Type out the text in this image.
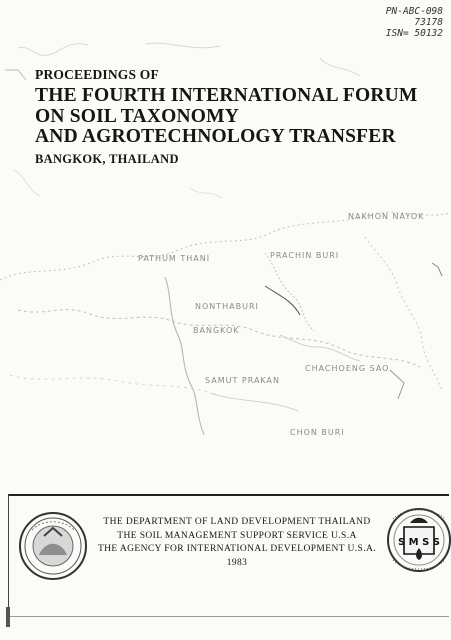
PN-ABC-098
73178
ISN= 50132
PROCEEDINGS OF
THE FOURTH INTERNATIONAL FORUM
ON SOIL TAXONOMY
AND AGROTECHNOLOGY TRANSFER
BANGKOK, THAILAND
NAKHON NAYOK
PATHUM THANI	PRACHIN BURI
NONTHABURI
BANGKOK
CHACHOENG SAO
SAMUT PRAKAN
CHON BURI
THE DEPARTMENT OF LAND DEVELOPMENT THAILAND
THE SOIL MANAGEMENT SUPPORT SERVICE U.S.A
THE AGENCY FOR INTERNATIONAL DEVELOPMENT U.S.A.
1983
S M S S
